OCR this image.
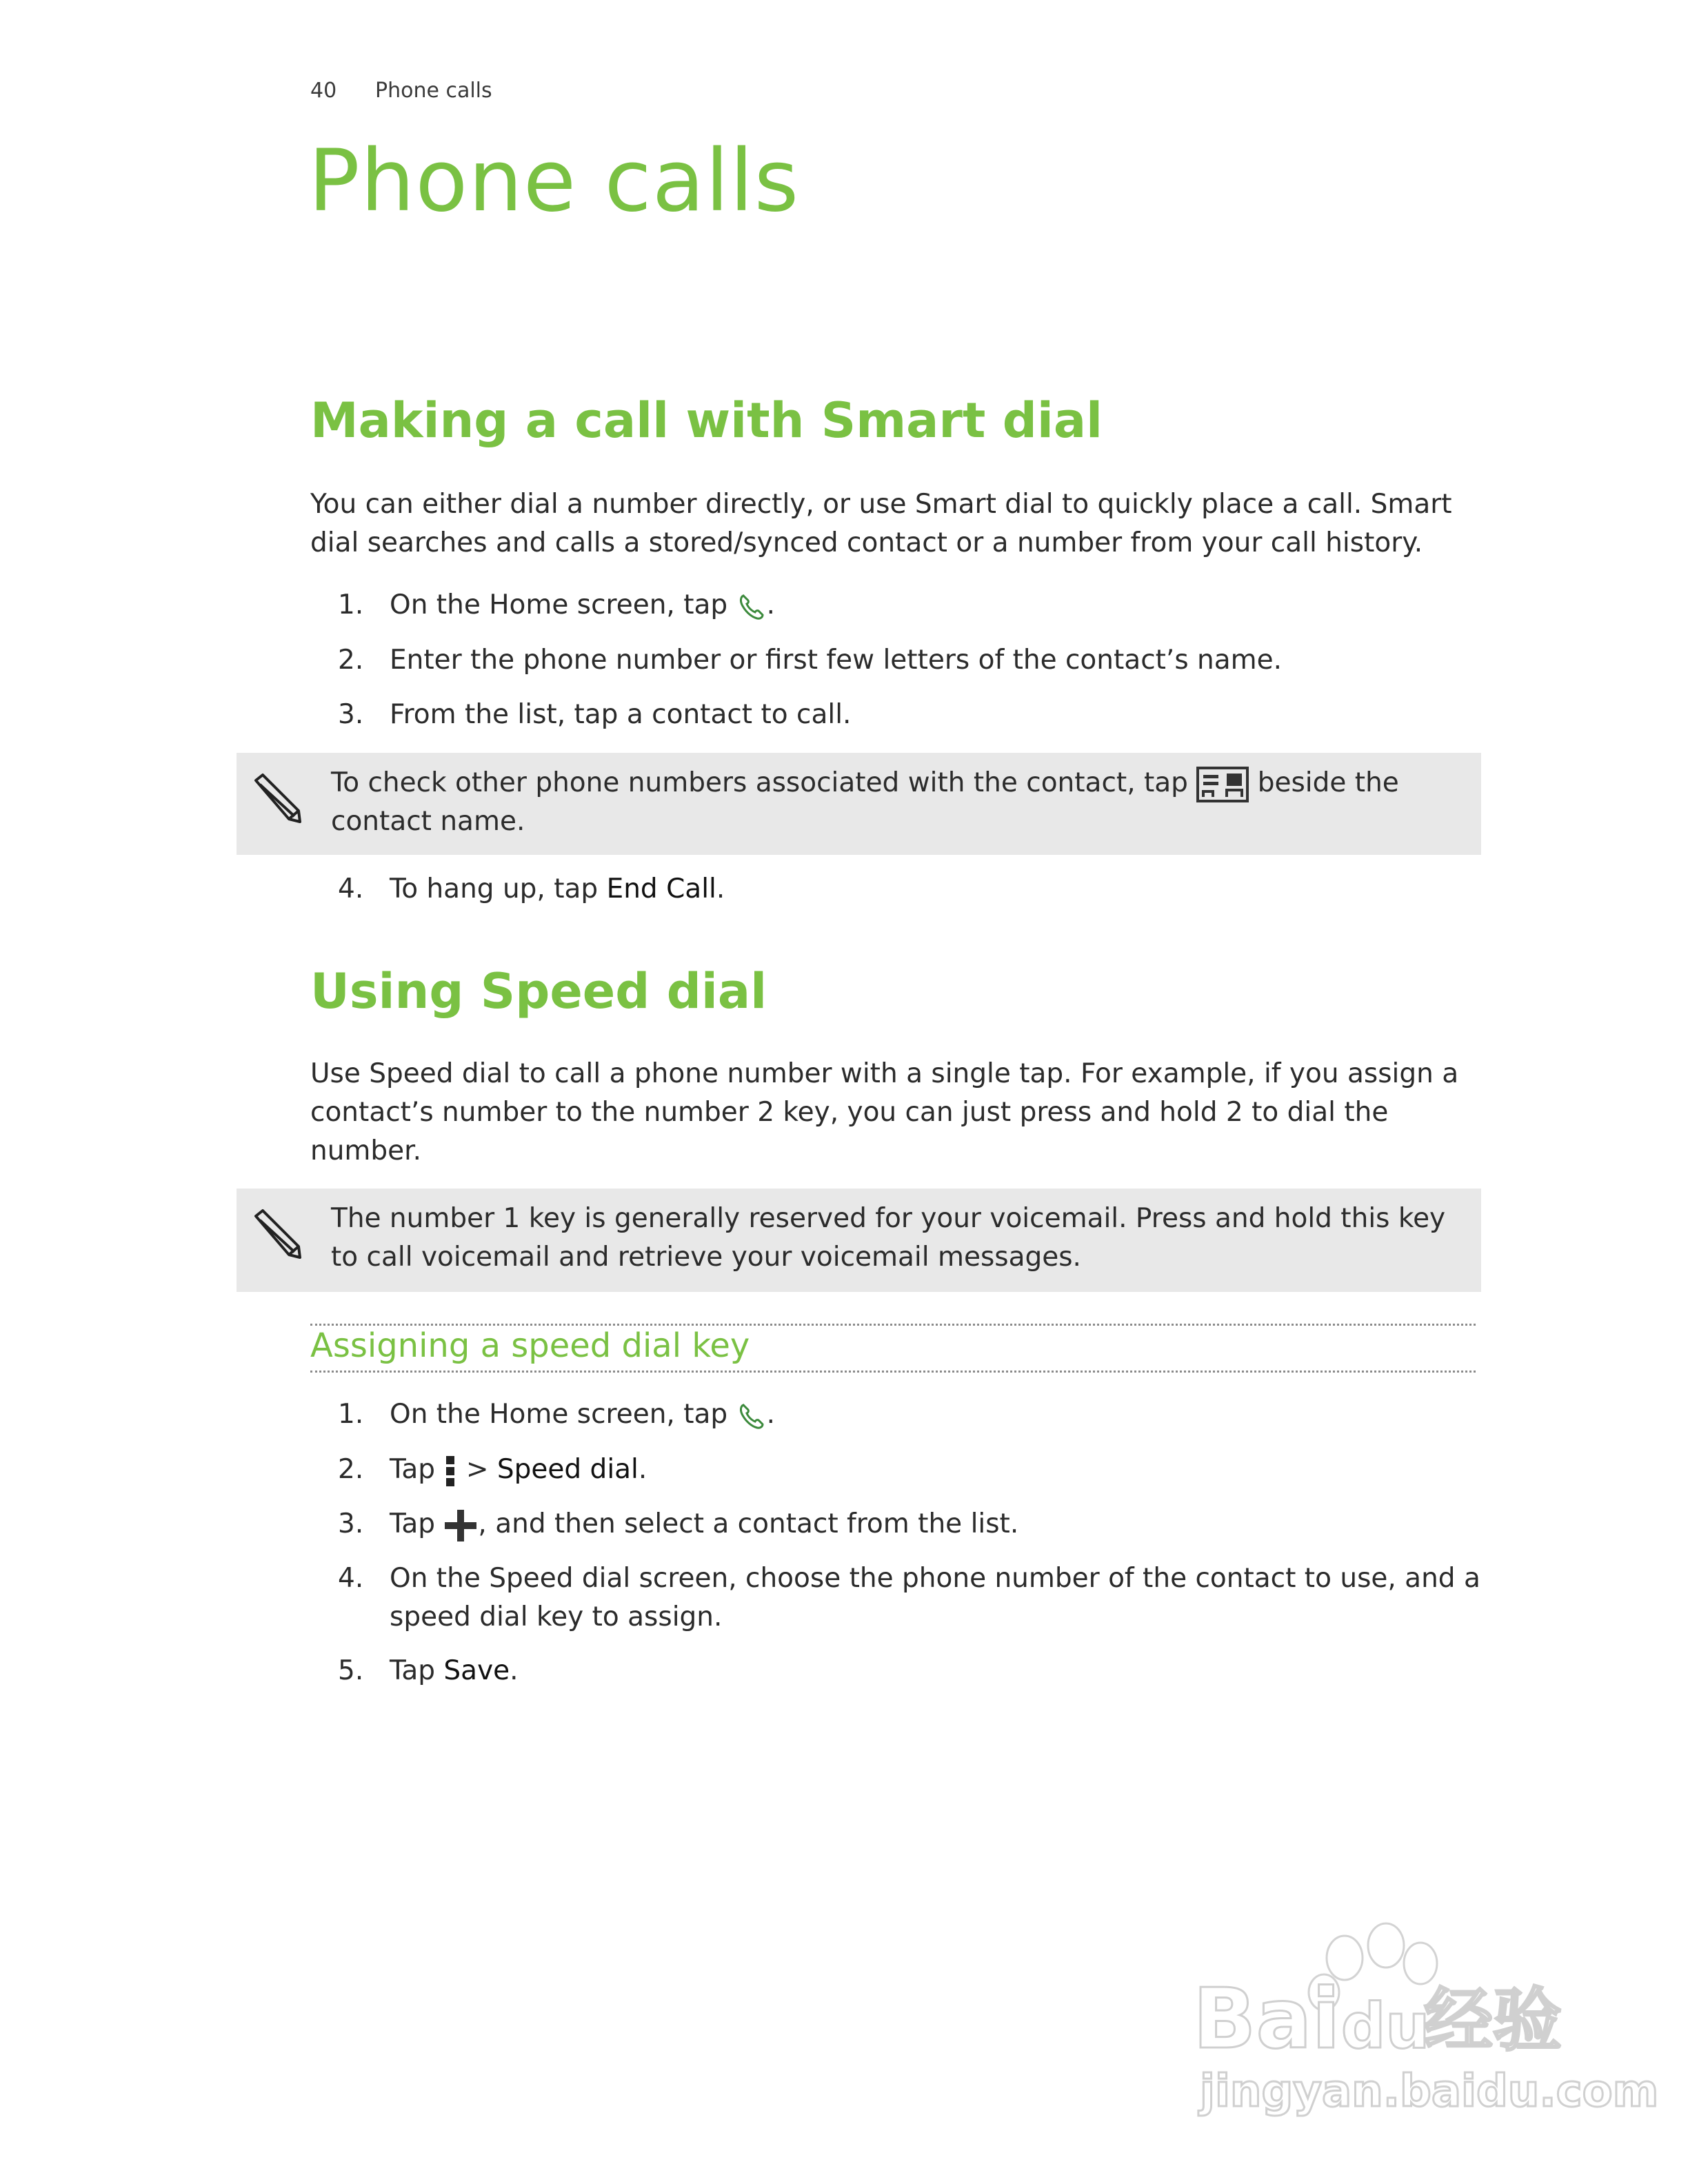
40 Phone calls
Phone calls
Making a call with Smart dial

You can either dial a number directly, or use Smart dial to quickly place a call. Smart
dial searches and calls a stored/synced contact or a number from your call history.

1. On the Home screen, tap .
2. Enter the phone number or first few letters of the contact’s name.
3. From the list, tap a contact to call.
To check other phone numbers associated with the contact, tap  beside the
contact name.
4. To hang up, tap End Call.
Using Speed dial

Use Speed dial to call a phone number with a single tap. For example, if you assign a
contact’s number to the number 2 key, you can just press and hold 2 to dial the
number.

The number 1 key is generally reserved for your voicemail. Press and hold this key
to call voicemail and retrieve your voicemail messages.
Assigning a speed dial key
1. On the Home screen, tap .
2. Tap  > Speed dial.
3. Tap , and then select a contact from the list.
4. On the Speed dial screen, choose the phone number of the contact to use, and a
speed dial key to assign.
5. Tap Save.
Bai du
经验
jingyan.baidu.com
